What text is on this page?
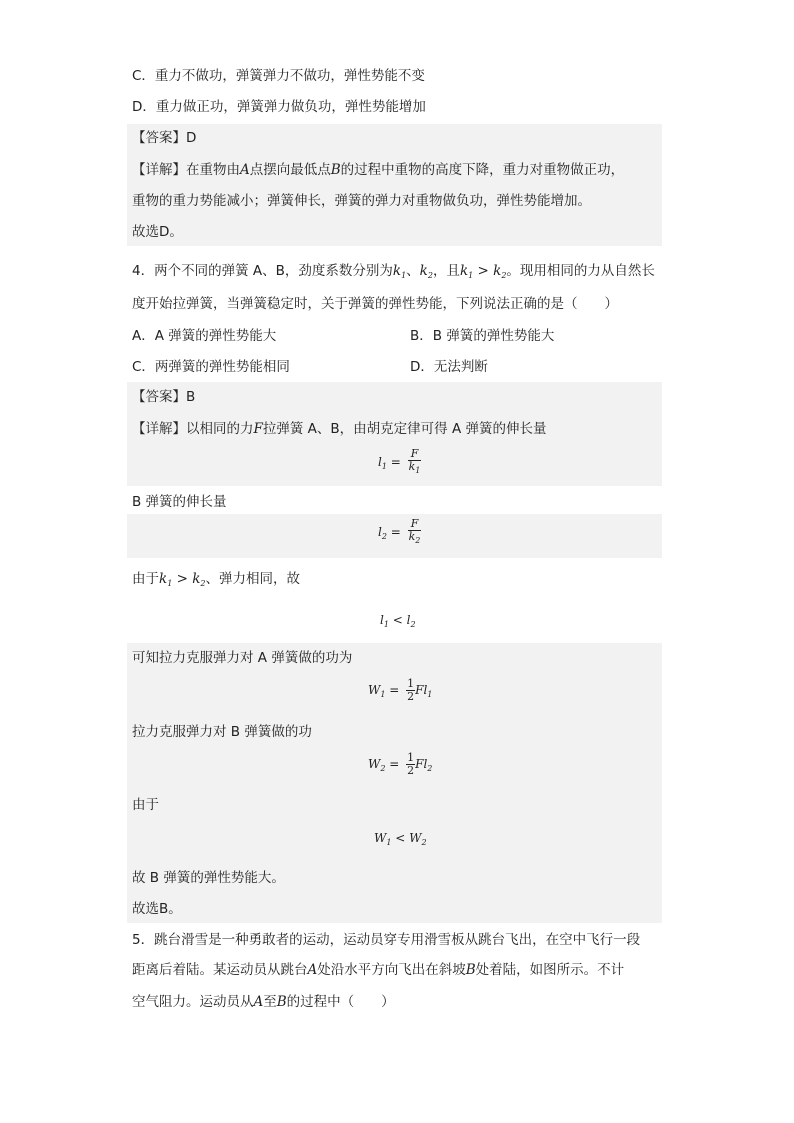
C．重力不做功，弹簧弹力不做功，弹性势能不变
D．重力做正功，弹簧弹力做负功，弹性势能增加
【答案】D
【详解】在重物由A点摆向最低点B的过程中重物的高度下降，重力对重物做正功，
重物的重力势能减小；弹簧伸长，弹簧的弹力对重物做负功，弹性势能增加。
故选D。
4．两个不同的弹簧 A、B，劲度系数分别为$k_1$、$k_2$，且$k_1 > k_2$。现用相同的力从自然长
度开始拉弹簧，当弹簧稳定时，关于弹簧的弹性势能，下列说法正确的是（　　）
A．A 弹簧的弹性势能大	B．B 弹簧的弹性势能大
C．两弹簧的弹性势能相同	D．无法判断
【答案】B
【详解】以相同的力F拉弹簧 A、B，由胡克定律可得 A 弹簧的伸长量
$l_1 = \frac{F}{k_1}$
B 弹簧的伸长量
$l_2 = \frac{F}{k_2}$
由于$k_1 > k_2$、弹力相同，故
$l_1 < l_2$
可知拉力克服弹力对 A 弹簧做的功为
$W_1 = \frac{1}{2} Fl_1$
拉力克服弹力对 B 弹簧做的功
$W_2 = \frac{1}{2} Fl_2$
由于
$W_1 < W_2$
故 B 弹簧的弹性势能大。
故选B。
5．跳台滑雪是一种勇敢者的运动，运动员穿专用滑雪板从跳台飞出，在空中飞行一段
距离后着陆。某运动员从跳台A处沿水平方向飞出在斜坡B处着陆，如图所示。不计
空气阻力。运动员从A至B的过程中（　　）
